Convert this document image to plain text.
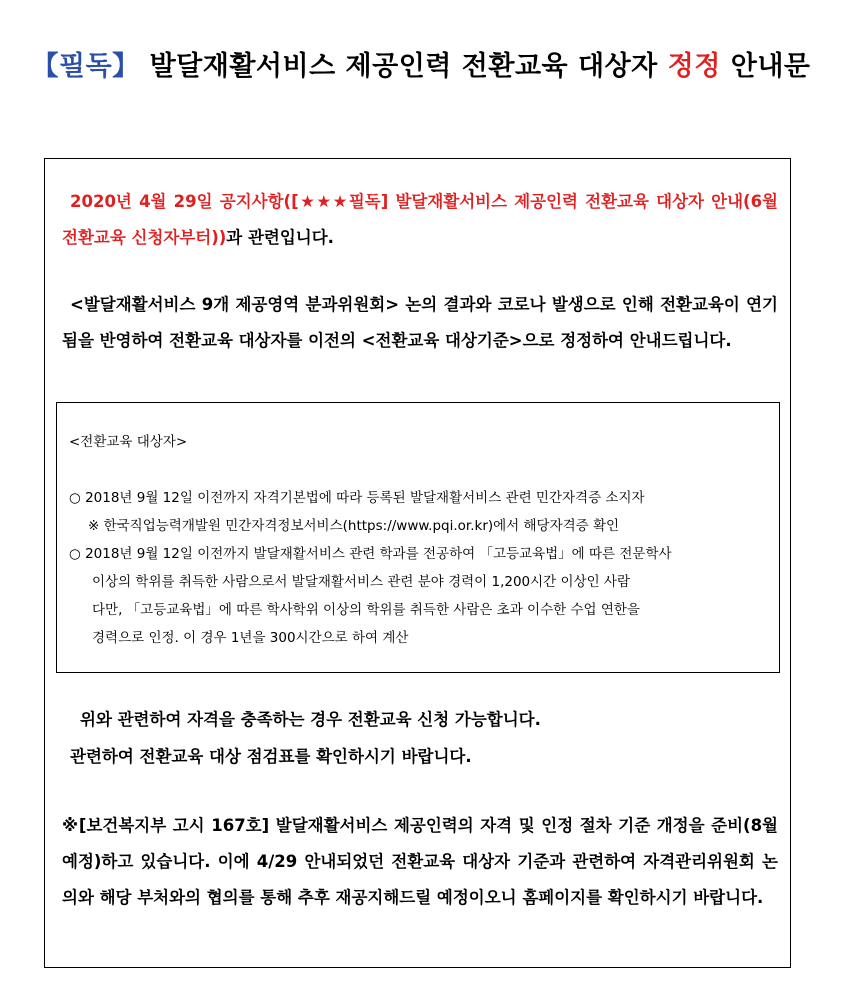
【필독】 발달재활서비스 제공인력 전환교육 대상자 정정 안내문
2020년 4월 29일 공지사항([★★★필독] 발달재활서비스 제공인력 전환교육 대상자 안내(6월 전환교육 신청자부터))과 관련입니다.
<발달재활서비스 9개 제공영역 분과위원회> 논의 결과와 코로나 발생으로 인해 전환교육이 연기됨을 반영하여 전환교육 대상자를 이전의 <전환교육 대상기준>으로 정정하여 안내드립니다.
<전환교육 대상자>
○ 2018년 9월 12일 이전까지 자격기본법에 따라 등록된 발달재활서비스 관련 민간자격증 소지자
※ 한국직업능력개발원 민간자격정보서비스(https://www.pqi.or.kr)에서 해당자격증 확인
○ 2018년 9월 12일 이전까지 발달재활서비스 관련 학과를 전공하여 「고등교육법」에 따른 전문학사
이상의 학위를 취득한 사람으로서 발달재활서비스 관련 분야 경력이 1,200시간 이상인 사람
다만, 「고등교육법」에 따른 학사학위 이상의 학위를 취득한 사람은 초과 이수한 수업 연한을
경력으로 인정. 이 경우 1년을 300시간으로 하여 계산
위와 관련하여 자격을 충족하는 경우 전환교육 신청 가능합니다.
관련하여 전환교육 대상 점검표를 확인하시기 바랍니다.
※[보건복지부 고시 167호] 발달재활서비스 제공인력의 자격 및 인정 절차 기준 개정을 준비(8월 예정)하고 있습니다. 이에 4/29 안내되었던 전환교육 대상자 기준과 관련하여 자격관리위원회 논의와 해당 부처와의 협의를 통해 추후 재공지해드릴 예정이오니 홈페이지를 확인하시기 바랍니다.
